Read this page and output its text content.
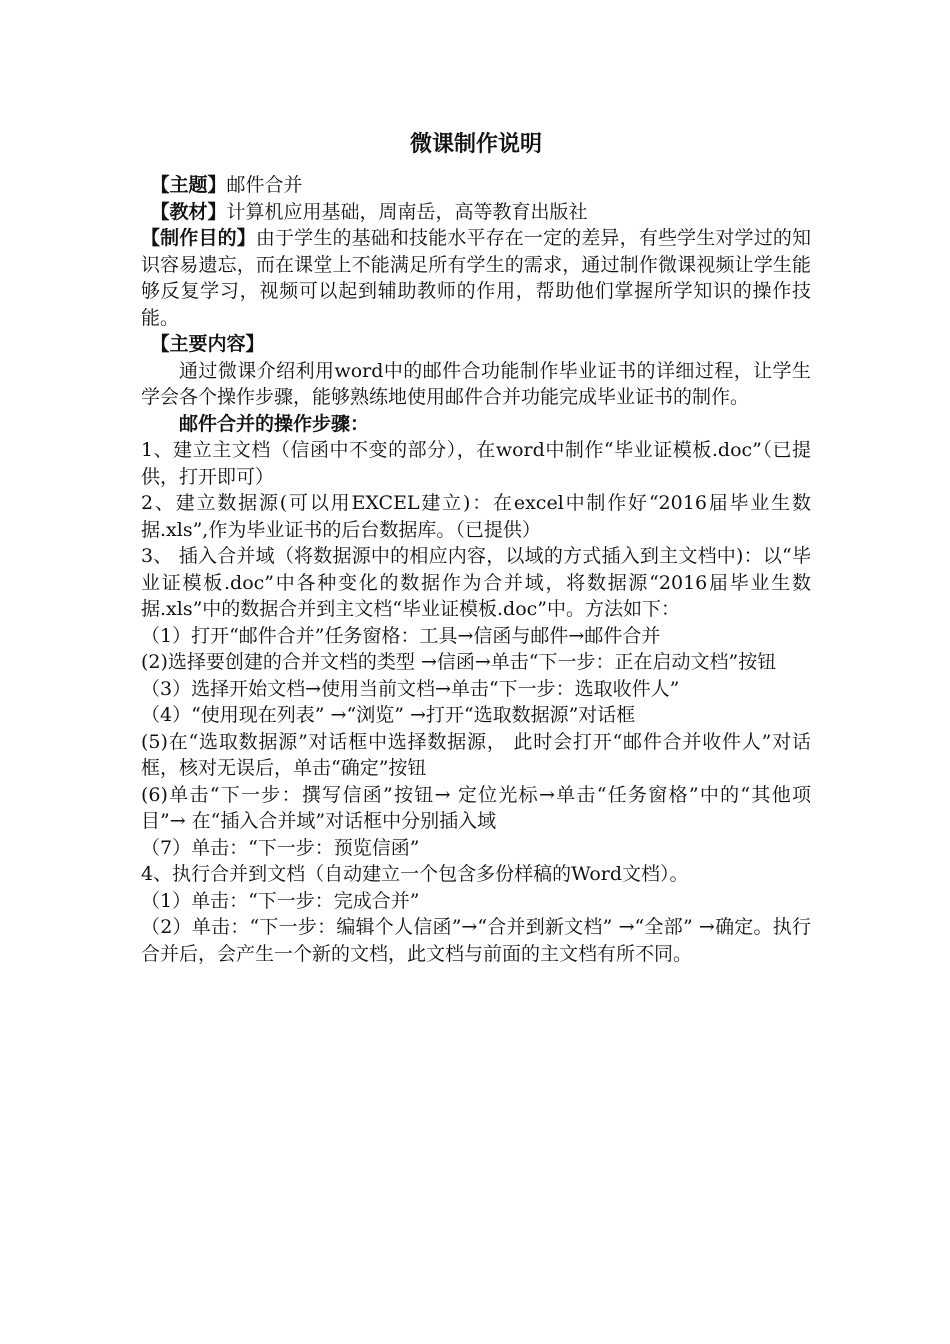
微课制作说明

【主题】邮件合并

【教材】计算机应用基础，周南岳，高等教育出版社

【制作目的】由于学生的基础和技能水平存在一定的差异，有些学生对学过的知识容易遗忘，而在课堂上不能满足所有学生的需求，通过制作微课视频让学生能够反复学习，视频可以起到辅助教师的作用，帮助他们掌握所学知识的操作技能。

【主要内容】

通过微课介绍利用word中的邮件合功能制作毕业证书的详细过程，让学生学会各个操作步骤，能够熟练地使用邮件合并功能完成毕业证书的制作。

邮件合并的操作步骤：

1、建立主文档（信函中不变的部分），在word中制作“毕业证模板.doc”（已提供，打开即可）

2、建立数据源(可以用EXCEL建立)：在excel中制作好“2016届毕业生数据.xls”,作为毕业证书的后台数据库。（已提供）

3、 插入合并域（将数据源中的相应内容，以域的方式插入到主文档中)：以“毕业证模板.doc”中各种变化的数据作为合并域，将数据源“2016届毕业生数据.xls”中的数据合并到主文档“毕业证模板.doc”中。方法如下：

（1）打开“邮件合并”任务窗格：工具→信函与邮件→邮件合并

(2)选择要创建的合并文档的类型 →信函→单击“下一步：正在启动文档”按钮

（3）选择开始文档→使用当前文档→单击“下一步：选取收件人”

（4）“使用现在列表” →“浏览” →打开“选取数据源”对话框

(5)在“选取数据源”对话框中选择数据源， 此时会打开“邮件合并收件人”对话框，核对无误后，单击“确定”按钮

(6)单击“下一步：撰写信函”按钮→ 定位光标→单击“任务窗格”中的“其他项目”→ 在“插入合并域”对话框中分别插入域

（7）单击：“下一步：预览信函”

4、执行合并到文档（自动建立一个包含多份样稿的Word文档）。

（1）单击：“下一步：完成合并”

（2）单击：“下一步：编辑个人信函”→“合并到新文档” →“全部” →确定。执行合并后，会产生一个新的文档，此文档与前面的主文档有所不同。
